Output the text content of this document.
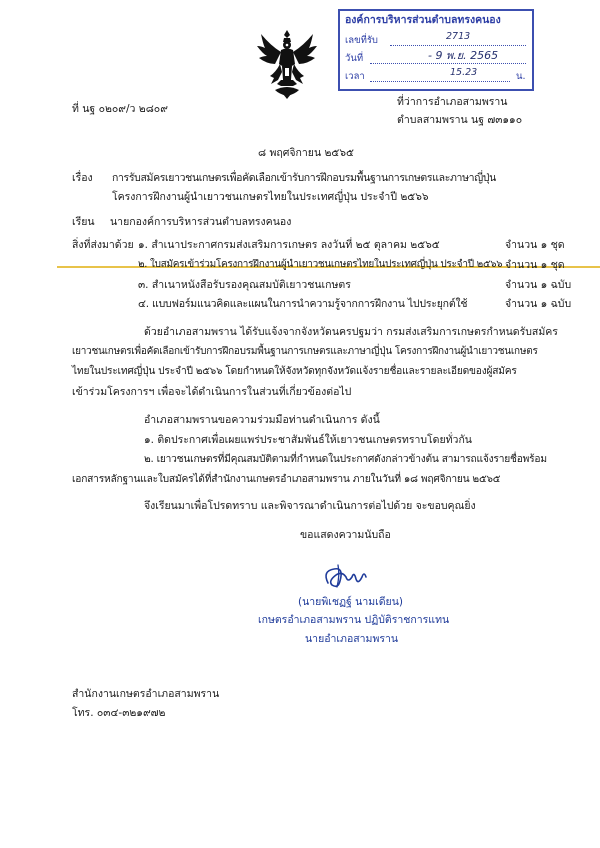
องค์การบริหารส่วนตำบลทรงคนอง
เลขที่รับ	2713
วันที่	- 9 พ.ย. 2565
เวลา	15.23	น.
ที่ นฐ ๐๒๐๙/ว ๒๘๐๙
ที่ว่าการอำเภอสามพราน
ตำบลสามพราน นฐ ๗๓๑๑๐
๘ พฤศจิกายน ๒๕๖๕
เรื่อง การรับสมัครเยาวชนเกษตรเพื่อคัดเลือกเข้ารับการฝึกอบรมพื้นฐานการเกษตรและภาษาญี่ปุ่น
โครงการฝึกงานผู้นำเยาวชนเกษตรไทยในประเทศญี่ปุ่น ประจำปี ๒๕๖๖
เรียน นายกองค์การบริหารส่วนตำบลทรงคนอง
สิ่งที่ส่งมาด้วย ๑. สำเนาประกาศกรมส่งเสริมการเกษตร ลงวันที่ ๒๕ ตุลาคม ๒๕๖๕	จำนวน ๑ ชุด
๒. ใบสมัครเข้าร่วมโครงการฝึกงานผู้นำเยาวชนเกษตรไทยในประเทศญี่ปุ่น ประจำปี ๒๕๖๖ จำนวน ๑ ชุด
๓. สำเนาหนังสือรับรองคุณสมบัติเยาวชนเกษตร	จำนวน ๑ ฉบับ
๔. แบบฟอร์มแนวคิดและแผนในการนำความรู้จากการฝึกงาน ไปประยุกต์ใช้	จำนวน ๑ ฉบับ
ด้วยอำเภอสามพราน ได้รับแจ้งจากจังหวัดนครปฐมว่า กรมส่งเสริมการเกษตรกำหนดรับสมัคร
เยาวชนเกษตรเพื่อคัดเลือกเข้ารับการฝึกอบรมพื้นฐานการเกษตรและภาษาญี่ปุ่น โครงการฝึกงานผู้นำเยาวชนเกษตร
ไทยในประเทศญี่ปุ่น ประจำปี ๒๕๖๖ โดยกำหนดให้จังหวัดทุกจังหวัดแจ้งรายชื่อและรายละเอียดของผู้สมัคร
เข้าร่วมโครงการฯ เพื่อจะได้ดำเนินการในส่วนที่เกี่ยวข้องต่อไป
อำเภอสามพรานขอความร่วมมือท่านดำเนินการ ดังนี้
๑. ติดประกาศเพื่อเผยแพร่ประชาสัมพันธ์ให้เยาวชนเกษตรทราบโดยทั่วกัน
๒. เยาวชนเกษตรที่มีคุณสมบัติตามที่กำหนดในประกาศดังกล่าวข้างต้น สามารถแจ้งรายชื่อพร้อม
เอกสารหลักฐานและใบสมัครได้ที่สำนักงานเกษตรอำเภอสามพราน ภายในวันที่ ๑๘ พฤศจิกายน ๒๕๖๕
จึงเรียนมาเพื่อโปรดทราบ และพิจารณาดำเนินการต่อไปด้วย จะขอบคุณยิ่ง
ขอแสดงความนับถือ
(นายพิเชฏฐ์ นามเดียน)
เกษตรอำเภอสามพราน ปฏิบัติราชการแทน
นายอำเภอสามพราน
สำนักงานเกษตรอำเภอสามพราน
โทร. ๐๓๔-๓๒๑๙๗๒
